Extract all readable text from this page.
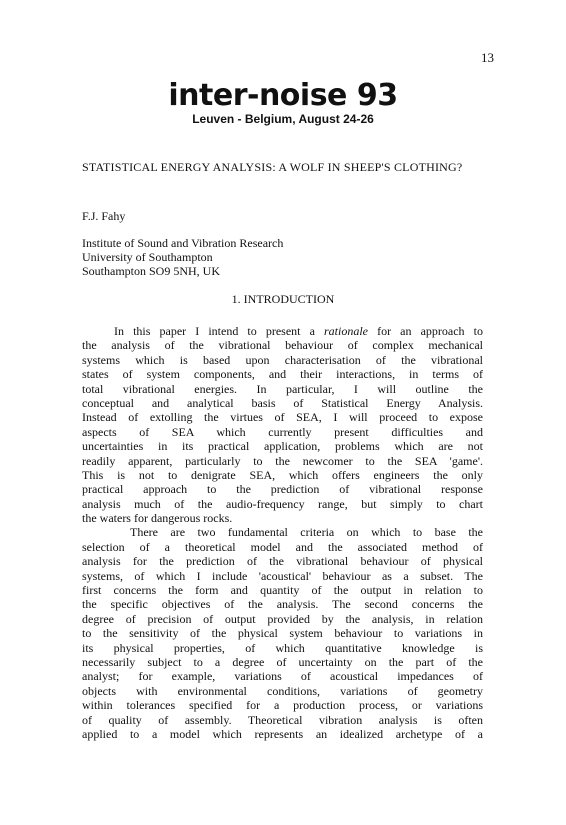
13
inter-noise 93
Leuven - Belgium, August 24-26
STATISTICAL ENERGY ANALYSIS: A WOLF IN SHEEP'S CLOTHING?
F.J. Fahy
Institute of Sound and Vibration Research
University of Southampton
Southampton SO9 5NH, UK
1. INTRODUCTION
In this paper I intend to present a rationale for an approach to
the analysis of the vibrational behaviour of complex mechanical
systems which is based upon characterisation of the vibrational
states of system components, and their interactions, in terms of
total vibrational energies. In particular, I will outline the
conceptual and analytical basis of Statistical Energy Analysis.
Instead of extolling the virtues of SEA, I will proceed to expose
aspects of SEA which currently present difficulties and
uncertainties in its practical application, problems which are not
readily apparent, particularly to the newcomer to the SEA 'game'.
This is not to denigrate SEA, which offers engineers the only
practical approach to the prediction of vibrational response
analysis much of the audio-frequency range, but simply to chart
the waters for dangerous rocks.
There are two fundamental criteria on which to base the
selection of a theoretical model and the associated method of
analysis for the prediction of the vibrational behaviour of physical
systems, of which I include 'acoustical' behaviour as a subset. The
first concerns the form and quantity of the output in relation to
the specific objectives of the analysis. The second concerns the
degree of precision of output provided by the analysis, in relation
to the sensitivity of the physical system behaviour to variations in
its physical properties, of which quantitative knowledge is
necessarily subject to a degree of uncertainty on the part of the
analyst; for example, variations of acoustical impedances of
objects with environmental conditions, variations of geometry
within tolerances specified for a production process, or variations
of quality of assembly. Theoretical vibration analysis is often
applied to a model which represents an idealized archetype of a
